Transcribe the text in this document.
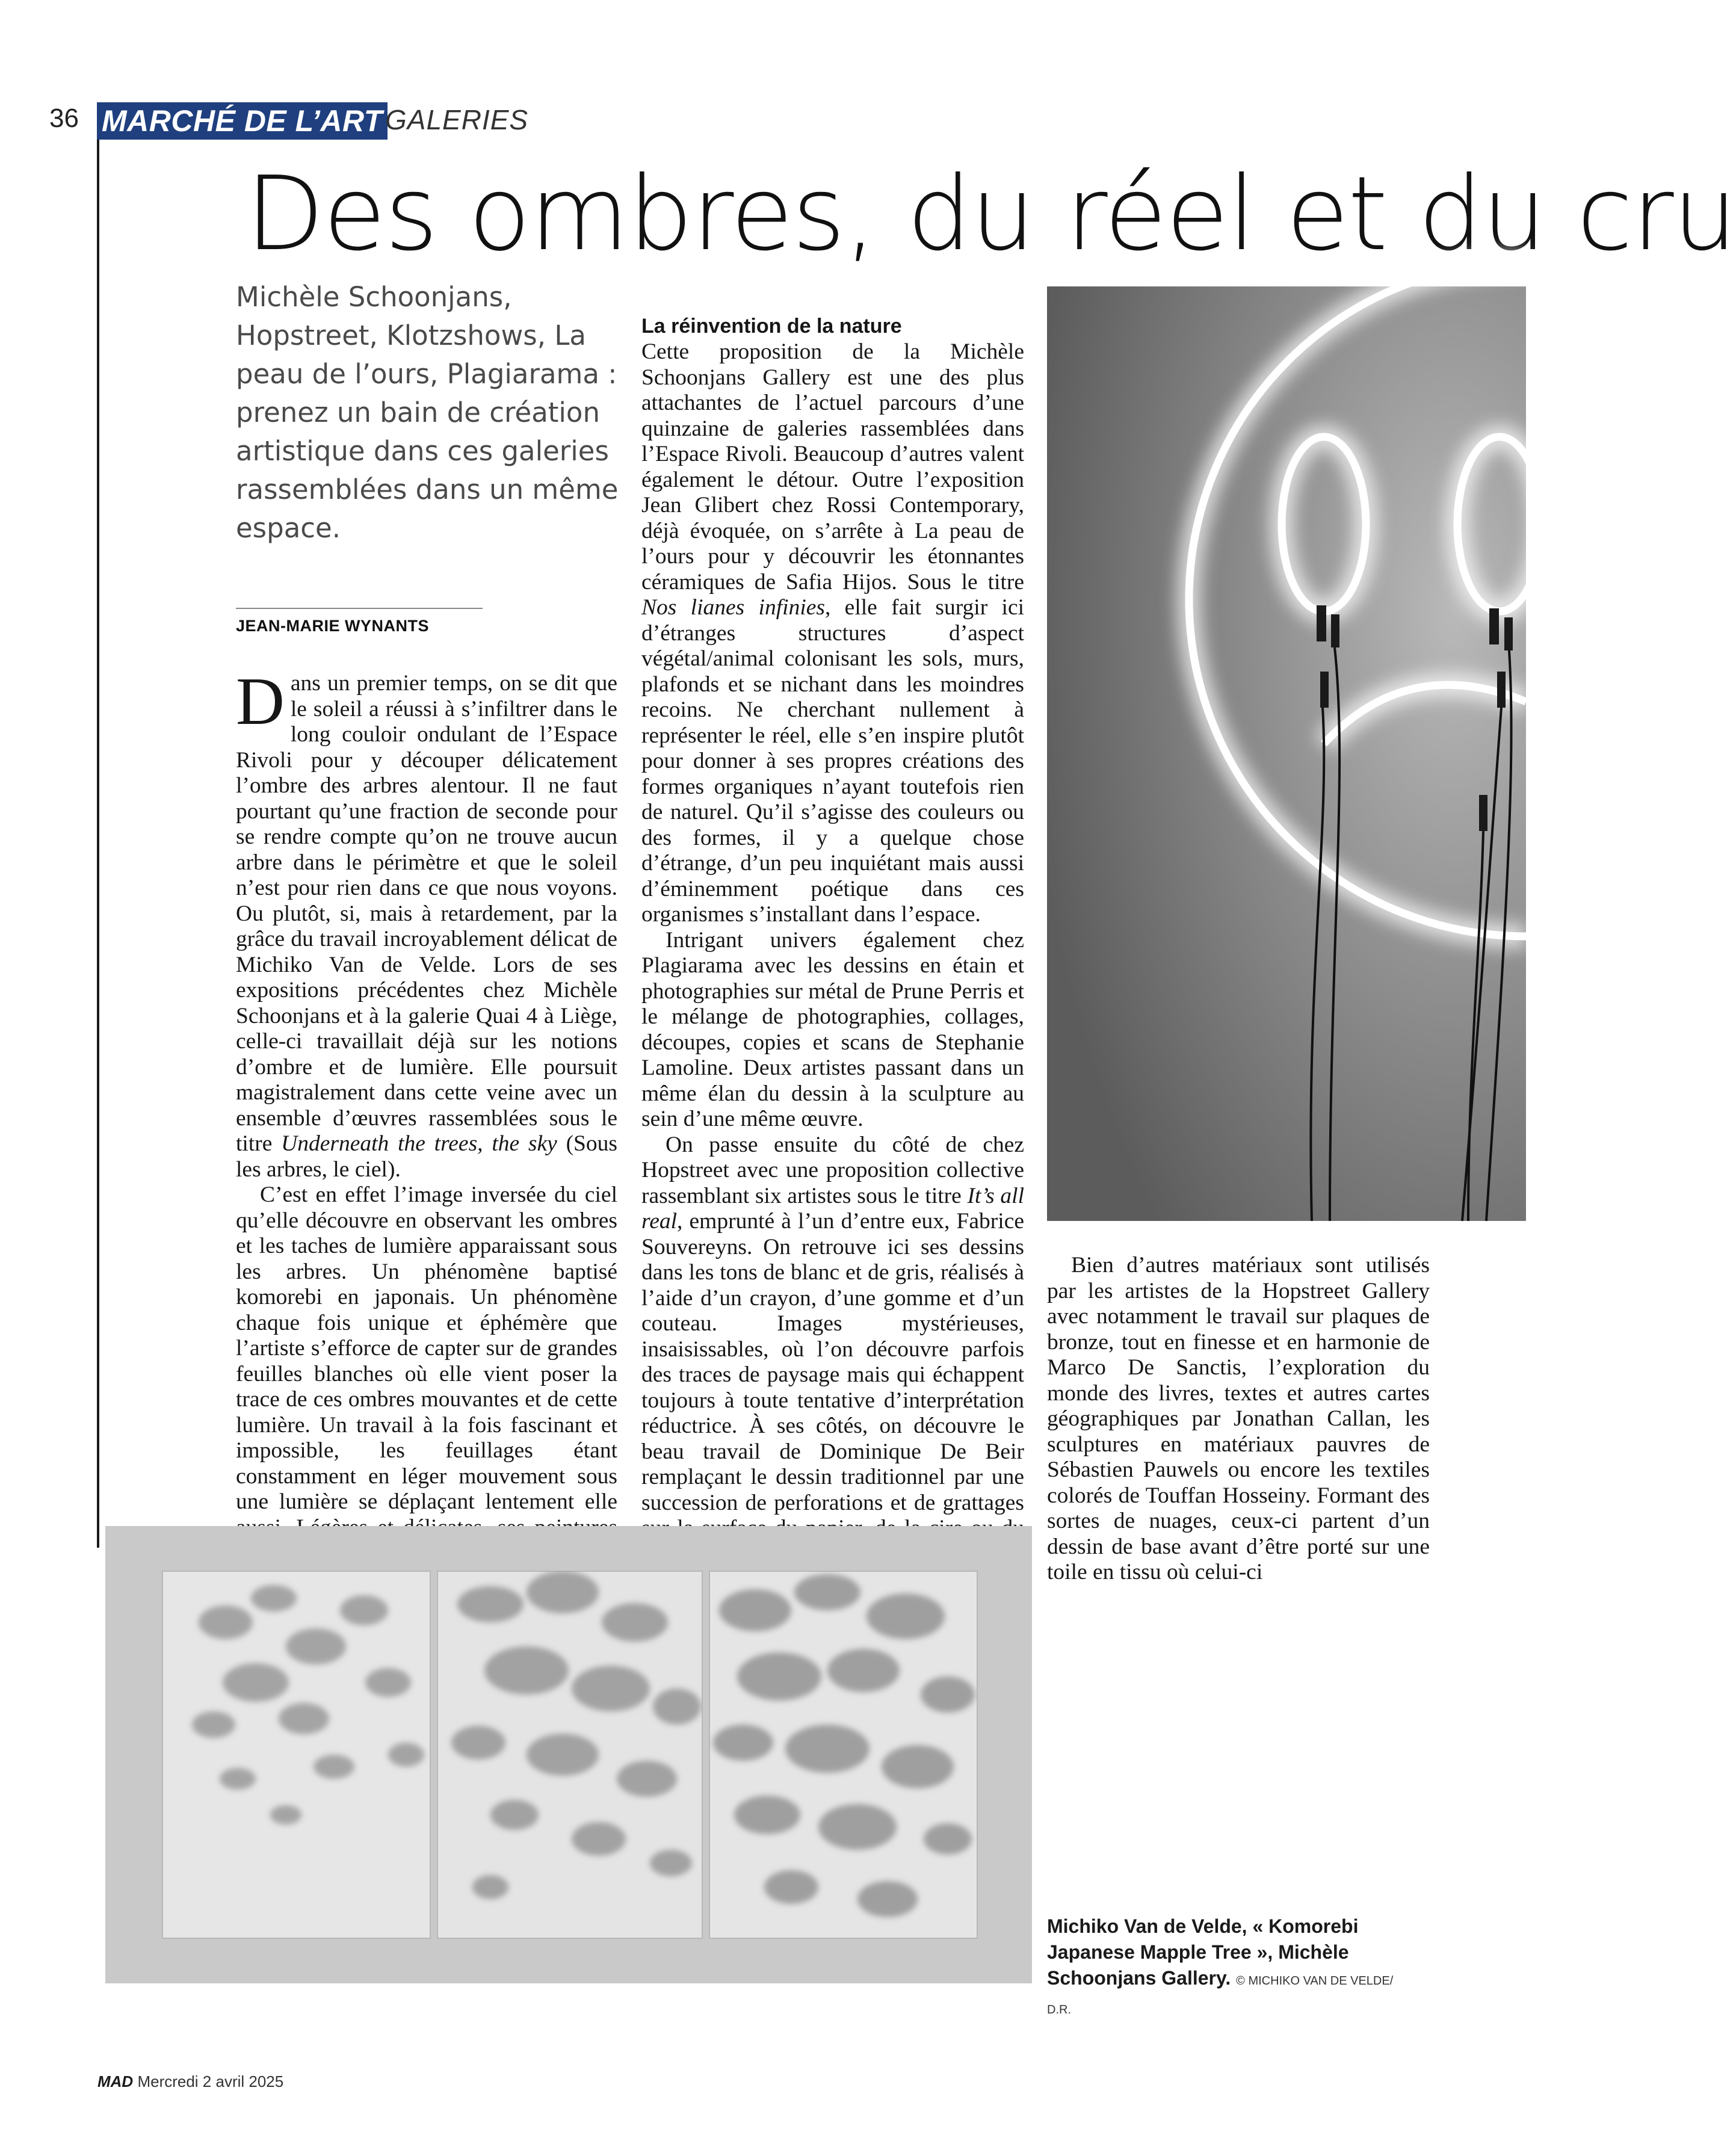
36 MARCHÉ DE L’ART GALERIES
Des ombres, du réel et du cru
Michèle Schoonjans, Hopstreet, Klotzshows, La peau de l’ours, Plagiarama : prenez un bain de création artistique dans ces galeries rassemblées dans un même espace.
JEAN-MARIE WYNANTS

Dans un premier temps, on se dit que le soleil a réussi à s’infiltrer dans le long couloir ondulant de l’Espace Rivoli pour y découper délicatement l’ombre des arbres alentour. Il ne faut pourtant qu’une fraction de seconde pour se rendre compte qu’on ne trouve aucun arbre dans le périmètre et que le soleil n’est pour rien dans ce que nous voyons. Ou plutôt, si, mais à retardement, par la grâce du travail incroyablement délicat de Michiko Van de Velde. Lors de ses expositions précédentes chez Michèle Schoonjans et à la galerie Quai 4 à Liège, celle-ci travaillait déjà sur les notions d’ombre et de lumière. Elle poursuit magistralement dans cette veine avec un ensemble d’œuvres rassemblées sous le titre Underneath the trees, the sky (Sous les arbres, le ciel).

C’est en effet l’image inversée du ciel qu’elle découvre en observant les ombres et les taches de lumière apparaissant sous les arbres. Un phénomène baptisé komorebi en japonais. Un phénomène chaque fois unique et éphémère que l’artiste s’efforce de capter sur de grandes feuilles blanches où elle vient poser la trace de ces ombres mouvantes et de cette lumière. Un travail à la fois fascinant et impossible, les feuillages étant constamment en léger mouvement sous une lumière se déplaçant lentement elle

La réinvention de la nature

Cette proposition de la Michèle Schoonjans Gallery est une des plus attachantes de l’actuel parcours d’une quinzaine de galeries rassemblées dans l’Espace Rivoli. Beaucoup d’autres valent également le détour. Outre l’exposition Jean Glibert chez Rossi Contemporary, déjà évoquée, on s’arrête à La peau de l’ours pour y découvrir les étonnantes céramiques de Safia Hijos. Sous le titre Nos lianes infinies, elle fait surgir ici d’étranges structures d’aspect végétal/animal colonisant les sols, murs, plafonds et se nichant dans les moindres recoins. Ne cherchant nullement à représenter le réel, elle s’en inspire plutôt pour donner à ses propres créations des formes organiques n’ayant toutefois rien de naturel. Qu’il s’agisse des couleurs ou des formes, il y a quelque chose d’étrange, d’un peu inquiétant mais aussi d’éminemment poétique dans ces organismes s’installant dans l’espace.

Intrigant univers également chez Plagiarama avec les dessins en étain et photographies sur métal de Prune Perris et le mélange de photographies, collages, découpes, copies et scans de Stephanie Lamoline. Deux artistes passant dans un même élan du dessin à la sculpture au sein d’une même œuvre.

On passe ensuite du côté de chez Hopstreet avec une proposition collective rassemblant six artistes sous le titre It’s all real, emprunté à l’un d’entre eux, Fabrice Souvereyns. On retrouve ici ses dessins dans les tons de blanc et de gris, réalisés à l’aide d’un crayon, d’une gomme et d’un couteau. Images mystérieuses, insaisissables, où l’on découvre parfois des traces de paysage mais qui échappent toujours à toute tentative d’interprétation réductrice. À ses côtés, on découvre le beau travail de Dominique De Beir remplaçant le dessin traditionnel par une succession de perforations et de grattages

Bien d’autres matériaux sont utilisés par les artistes de la Hopstreet Gallery avec notamment le travail sur plaques de bronze, tout en finesse et en harmonie de Marco De Sanctis, l’exploration du monde des livres, textes et autres cartes géographiques par Jonathan Callan, les sculptures en matériaux pauvres de Sébastien Pauwels ou encore les textiles colorés de Touffan Hosseiny. Formant des sortes de nuages, ceux-ci partent d’un dessin de base avant d’être porté sur une toile en tissu où celui-ci

Michiko Van de Velde, « Komorebi Japanese Mapple Tree », Michèle Schoonjans Gallery. © MICHIKO VAN DE VELDE/ D.R.
MAD Mercredi 2 avril 2025
